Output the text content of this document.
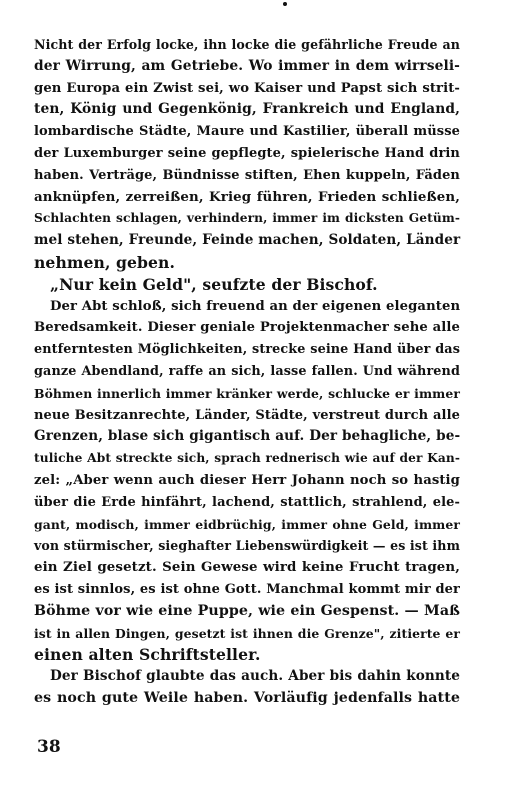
Nicht der Erfolg locke, ihn locke die gefährliche Freude an
der Wirrung, am Getriebe. Wo immer in dem wirrseli-
gen Europa ein Zwist sei, wo Kaiser und Papst sich strit-
ten, König und Gegenkönig, Frankreich und England,
lombardische Städte, Maure und Kastilier, überall müsse
der Luxemburger seine gepflegte, spielerische Hand drin
haben. Verträge, Bündnisse stiften, Ehen kuppeln, Fäden
anknüpfen, zerreißen, Krieg führen, Frieden schließen,
Schlachten schlagen, verhindern, immer im dicksten Getüm-
mel stehen, Freunde, Feinde machen, Soldaten, Länder
nehmen, geben.
„Nur kein Geld", seufzte der Bischof.
Der Abt schloß, sich freuend an der eigenen eleganten
Beredsamkeit. Dieser geniale Projektenmacher sehe alle
entferntesten Möglichkeiten, strecke seine Hand über das
ganze Abendland, raffe an sich, lasse fallen. Und während
Böhmen innerlich immer kränker werde, schlucke er immer
neue Besitzanrechte, Länder, Städte, verstreut durch alle
Grenzen, blase sich gigantisch auf. Der behagliche, be-
tuliche Abt streckte sich, sprach rednerisch wie auf der Kan-
zel: „Aber wenn auch dieser Herr Johann noch so hastig
über die Erde hinfährt, lachend, stattlich, strahlend, ele-
gant, modisch, immer eidbrüchig, immer ohne Geld, immer
von stürmischer, sieghafter Liebenswürdigkeit — es ist ihm
ein Ziel gesetzt. Sein Gewese wird keine Frucht tragen,
es ist sinnlos, es ist ohne Gott. Manchmal kommt mir der
Böhme vor wie eine Puppe, wie ein Gespenst. — Maß
ist in allen Dingen, gesetzt ist ihnen die Grenze", zitierte er
einen alten Schriftsteller.
Der Bischof glaubte das auch. Aber bis dahin konnte
es noch gute Weile haben. Vorläufig jedenfalls hatte
38
